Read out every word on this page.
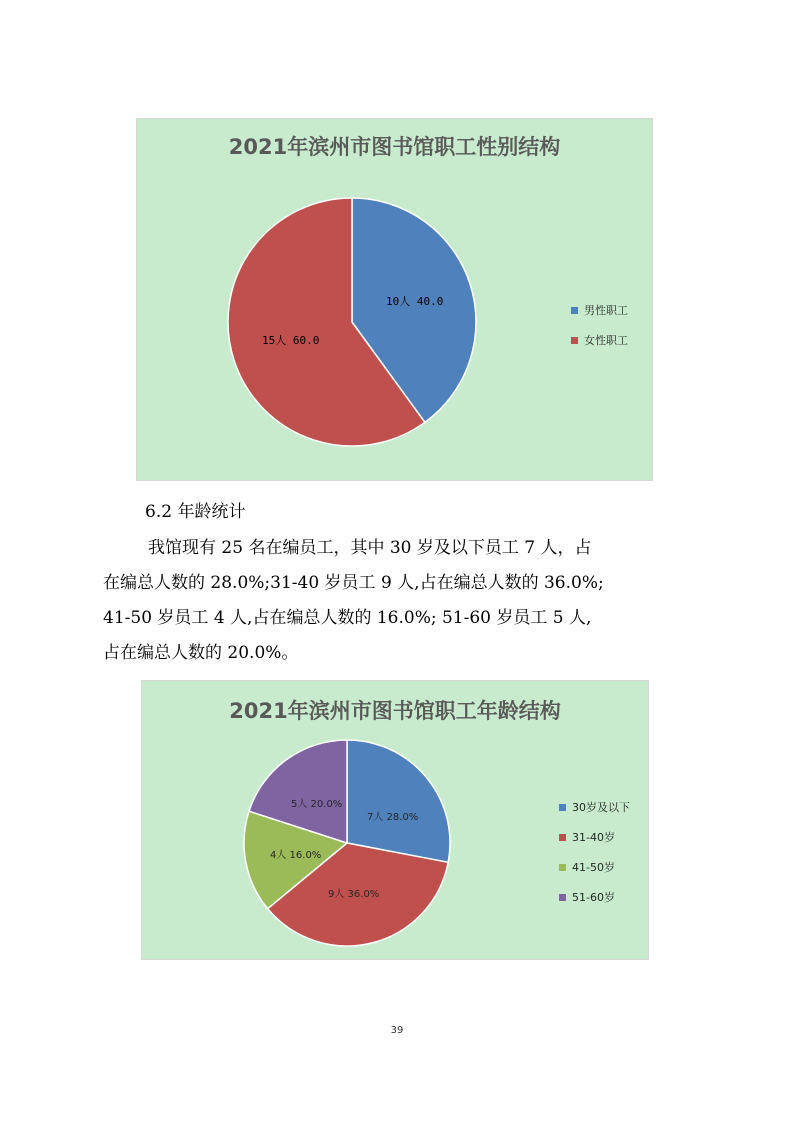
2021年滨州市图书馆职工性别结构
10人 40.0
15人 60.0
男性职工
女性职工
6.2 年龄统计
我馆现有 25 名在编员工，其中 30 岁及以下员工 7 人，占
在编总人数的 28.0%;31-40 岁员工 9 人,占在编总人数的 36.0%;
41-50 岁员工 4 人,占在编总人数的 16.0%; 51-60 岁员工 5 人,
占在编总人数的 20.0%。
2021年滨州市图书馆职工年龄结构
7人 28.0%
9人 36.0%
4人 16.0%
5人 20.0%	30岁及以下
31-40岁
41-50岁
51-60岁
39
